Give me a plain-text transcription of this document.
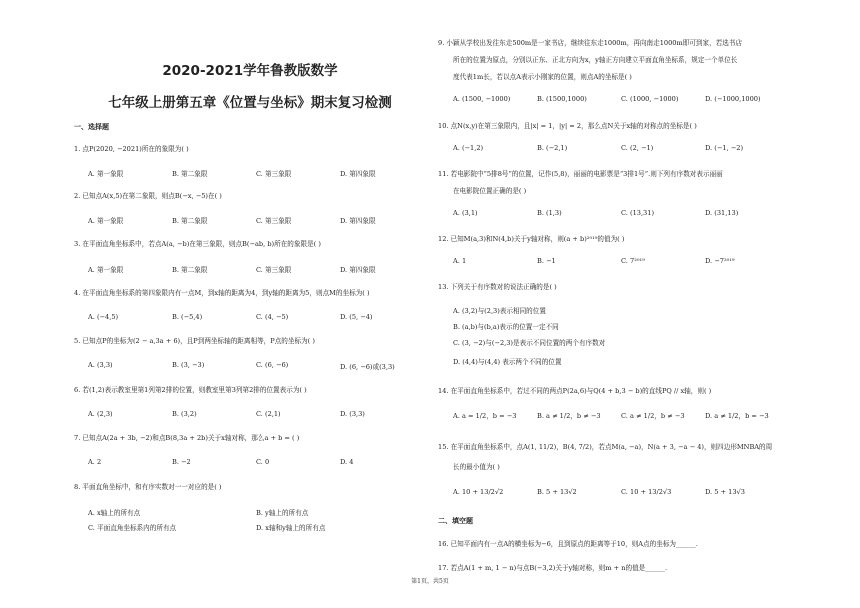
2020-2021学年鲁教版数学
七年级上册第五章《位置与坐标》期末复习检测
一、选择题
1. 点P(2020, −2021)所在的象限为( )
A. 第一象限	B. 第二象限	C. 第三象限	D. 第四象限
2. 已知点A(x,5)在第二象限，则点B(−x, −5)在( )
A. 第一象限	B. 第二象限	C. 第三象限	D. 第四象限
3. 在平面直角坐标系中，若点A(a, −b)在第三象限，则点B(−ab, b)所在的象限是( )
A. 第一象限	B. 第二象限	C. 第三象限	D. 第四象限
4. 在平面直角坐标系的第四象限内有一点M，到x轴的距离为4，到y轴的距离为5，则点M的坐标为( )
A. (−4,5)	B. (−5,4)	C. (4, −5)	D. (5, −4)
5. 已知点P的坐标为(2 − a,3a + 6)，且P到两坐标轴的距离相等，P点的坐标为( )
A. (3,3)	B. (3, −3)	C. (6, −6)	D. (6, −6)或(3,3)
6. 若(1,2)表示教室里第1列第2排的位置，则教室里第3列第2排的位置表示为( )
A. (2,3)	B. (3,2)	C. (2,1)	D. (3,3)
7. 已知点A(2a + 3b, −2)和点B(8,3a + 2b)关于x轴对称，那么a + b = ( )
A. 2	B. −2	C. 0	D. 4
8. 平面直角坐标中，和有序实数对一一对应的是( )
A. x轴上的所有点	B. y轴上的所有点
C. 平面直角坐标系内的所有点	D. x轴和y轴上的所有点
9. 小颖从学校出发往东走500m是一家书店，继续往东走1000m，再向南走1000m即可到家，若选书店
所在的位置为原点，分别以正东、正北方向为x，y轴正方向建立平面直角坐标系，规定一个单位长
度代表1m长，若以点A表示小刚家的位置，则点A的坐标是( )
A. (1500, −1000)	B. (1500,1000)	C. (1000, −1000)	D. (−1000,1000)
10. 点N(x,y)在第三象限内，且|x| = 1，|y| = 2，那么点N关于x轴的对称点的坐标是( )
A. (−1,2)	B. (−2,1)	C. (2, −1)	D. (−1, −2)
11. 若电影院中“5排8号”的位置，记作(5,8)，丽丽的电影票是“3排1号”.则下列有序数对表示丽丽
在电影院位置正确的是( )
A. (3,1)	B. (1,3)	C. (13,31)	D. (31,13)
12. 已知M(a,3)和N(4,b)关于y轴对称，则(a + b)²⁰¹⁹的值为( )
A. 1	B. −1	C. 7²⁰¹⁹	D. −7²⁰¹⁹
13. 下列关于有序数对的说法正确的是( )
A. (3,2)与(2,3)表示相同的位置
B. (a,b)与(b,a)表示的位置一定不同
C. (3, −2)与(−2,3)是表示不同位置的两个有序数对
D. (4,4)与(4,4) 表示两个不同的位置
14. 在平面直角坐标系中，若过不同的两点P(2a,6)与Q(4 + b,3 − b)的直线PQ // x轴，则( )
A. a = 1/2，b = −3	B. a ≠ 1/2，b ≠ −3	C. a ≠ 1/2，b ≠ −3	D. a ≠ 1/2，b = −3
15. 在平面直角坐标系中，点A(1, 11/2)，B(4, 7/2)，若点M(a, −a)，N(a + 3, −a − 4)，则四边形MNBA的周
长的最小值为( )
A. 10 + 13/2√2	B. 5 + 13√2	C. 10 + 13/2√3	D. 5 + 13√3
二、填空题
16. 已知平面内有一点A的横坐标为−6，且到原点的距离等于10，则A点的坐标为______.
17. 若点A(1 + m, 1 − n)与点B(−3,2)关于y轴对称，则m + n的值是______.
第1页，共5页
